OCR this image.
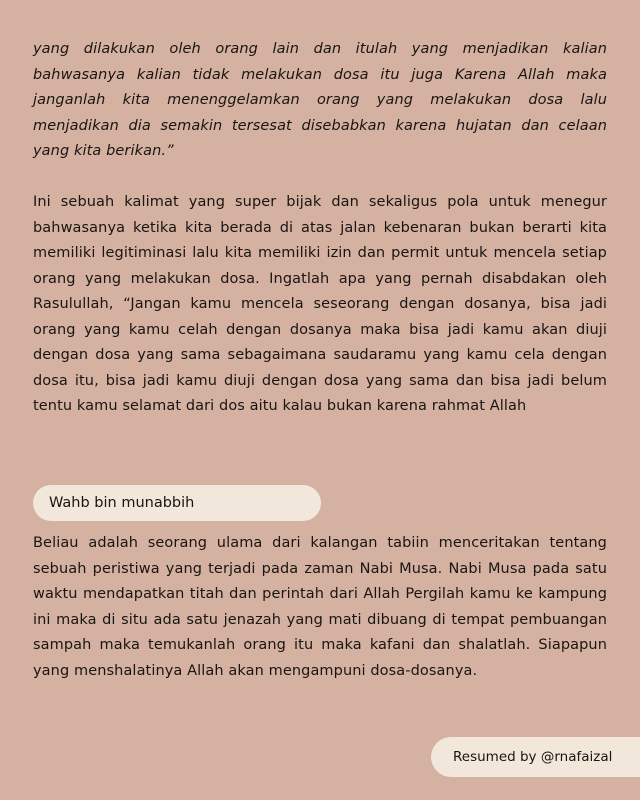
yang dilakukan oleh orang lain dan itulah yang menjadikan kalian bahwasanya kalian tidak melakukan dosa itu juga Karena Allah maka janganlah kita menenggelamkan orang yang melakukan dosa lalu menjadikan dia semakin tersesat disebabkan karena hujatan dan celaan yang kita berikan.”

Ini sebuah kalimat yang super bijak dan sekaligus pola untuk menegur bahwasanya ketika kita berada di atas jalan kebenaran bukan berarti kita memiliki legitiminasi lalu kita memiliki izin dan permit untuk mencela setiap orang yang melakukan dosa. Ingatlah apa yang pernah disabdakan oleh Rasulullah, “Jangan kamu mencela seseorang dengan dosanya, bisa jadi orang yang kamu celah dengan dosanya maka bisa jadi kamu akan diuji dengan dosa yang sama sebagaimana saudaramu yang kamu cela dengan dosa itu, bisa jadi kamu diuji dengan dosa yang sama dan bisa jadi belum tentu kamu selamat dari dos aitu kalau bukan karena rahmat Allah

Wahb bin munabbih

Beliau adalah seorang ulama dari kalangan tabiin menceritakan tentang sebuah peristiwa yang terjadi pada zaman Nabi Musa. Nabi Musa pada satu waktu mendapatkan titah dan perintah dari Allah Pergilah kamu ke kampung ini maka di situ ada satu jenazah yang mati dibuang di tempat pembuangan sampah maka temukanlah orang itu maka kafani dan shalatlah. Siapapun yang menshalatinya Allah akan mengampuni dosa-dosanya.

Resumed by @rnafaizal
